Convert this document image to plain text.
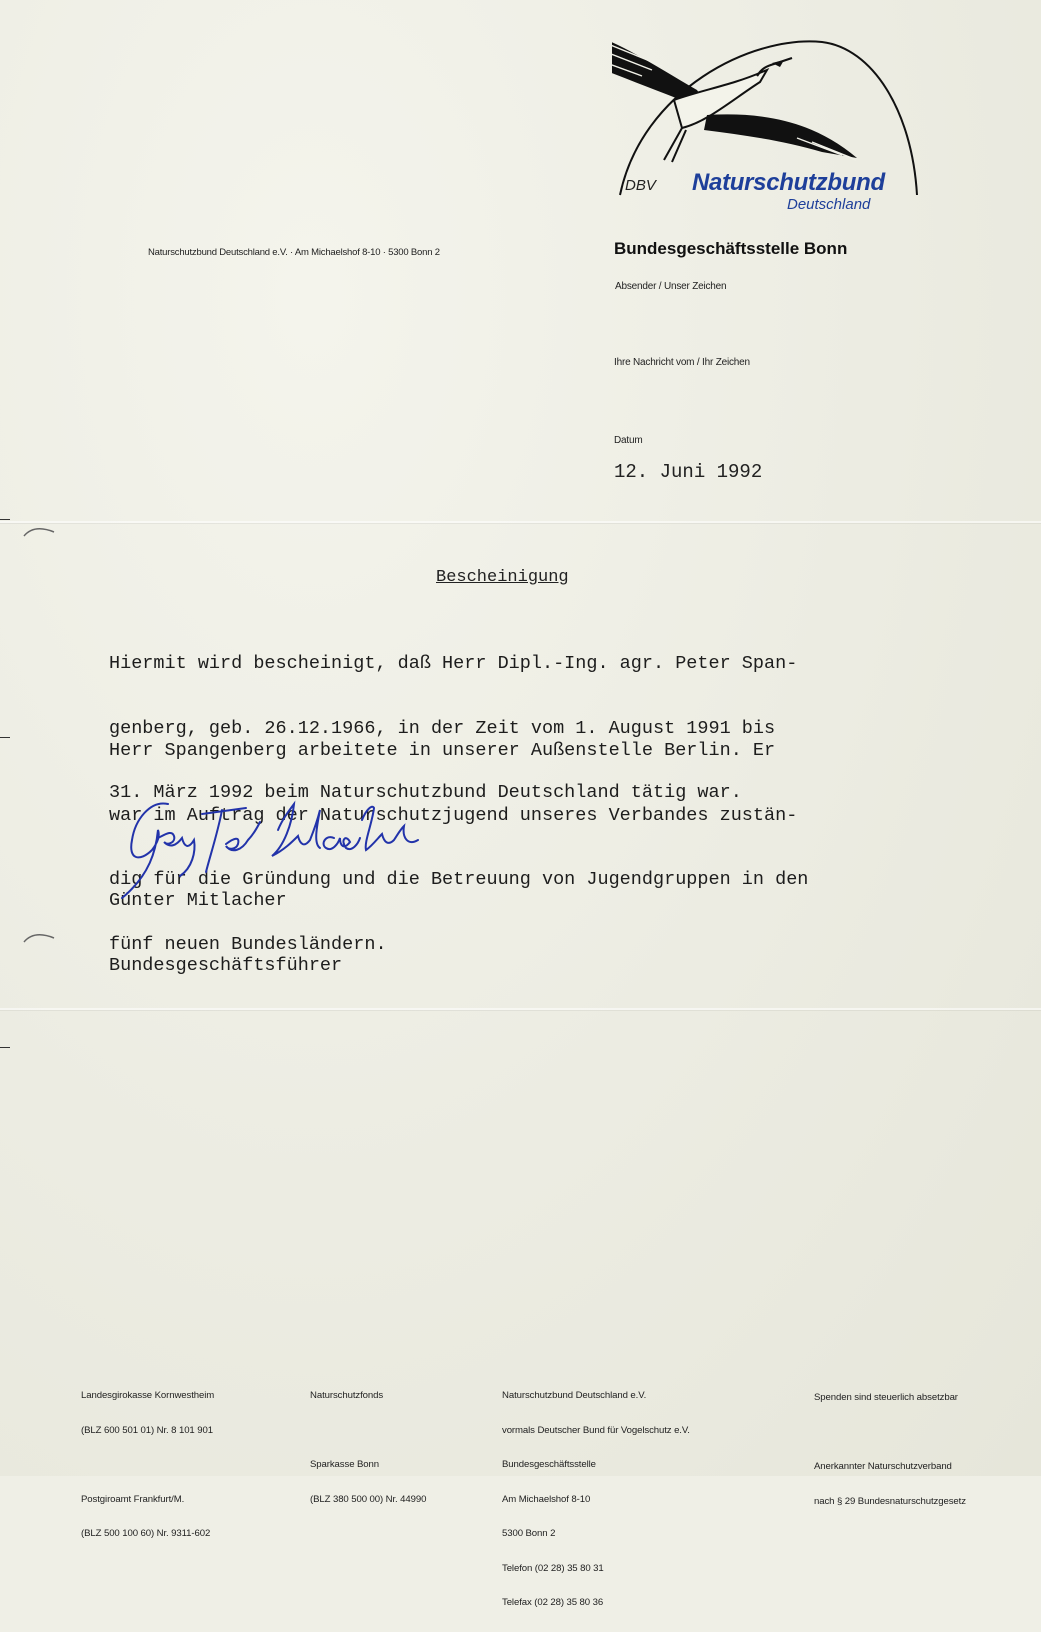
DBV Naturschutzbund
Deutschland
Naturschutzbund Deutschland e.V. · Am Michaelshof 8-10 · 5300 Bonn 2	Bundesgeschäftsstelle Bonn
Absender / Unser Zeichen
Ihre Nachricht vom / Ihr Zeichen
Datum
12. Juni 1992
Bescheinigung

Hiermit wird bescheinigt, daß Herr Dipl.-Ing. agr. Peter Span-

genberg, geb. 26.12.1966, in der Zeit vom 1. August 1991 bis

31. März 1992 beim Naturschutzbund Deutschland tätig war.

Herr Spangenberg arbeitete in unserer Außenstelle Berlin. Er

war im Auftrag der Naturschutzjugend unseres Verbandes zustän-

dig für die Gründung und die Betreuung von Jugendgruppen in den

fünf neuen Bundesländern.

Günter Mitlacher

Bundesgeschäftsführer

Landesgirokasse Kornwestheim

(BLZ 600 501 01) Nr. 8 101 901

Postgiroamt Frankfurt/M.

(BLZ 500 100 60) Nr. 9311-602

Naturschutzfonds

Sparkasse Bonn

(BLZ 380 500 00) Nr. 44990

Naturschutzbund Deutschland e.V.

vormals Deutscher Bund für Vogelschutz e.V.

Bundesgeschäftsstelle

Am Michaelshof 8-10

5300 Bonn 2

Telefon (02 28) 35 80 31

Telefax (02 28) 35 80 36

Spenden sind steuerlich absetzbar

Anerkannter Naturschutzverband

nach § 29 Bundesnaturschutzgesetz
